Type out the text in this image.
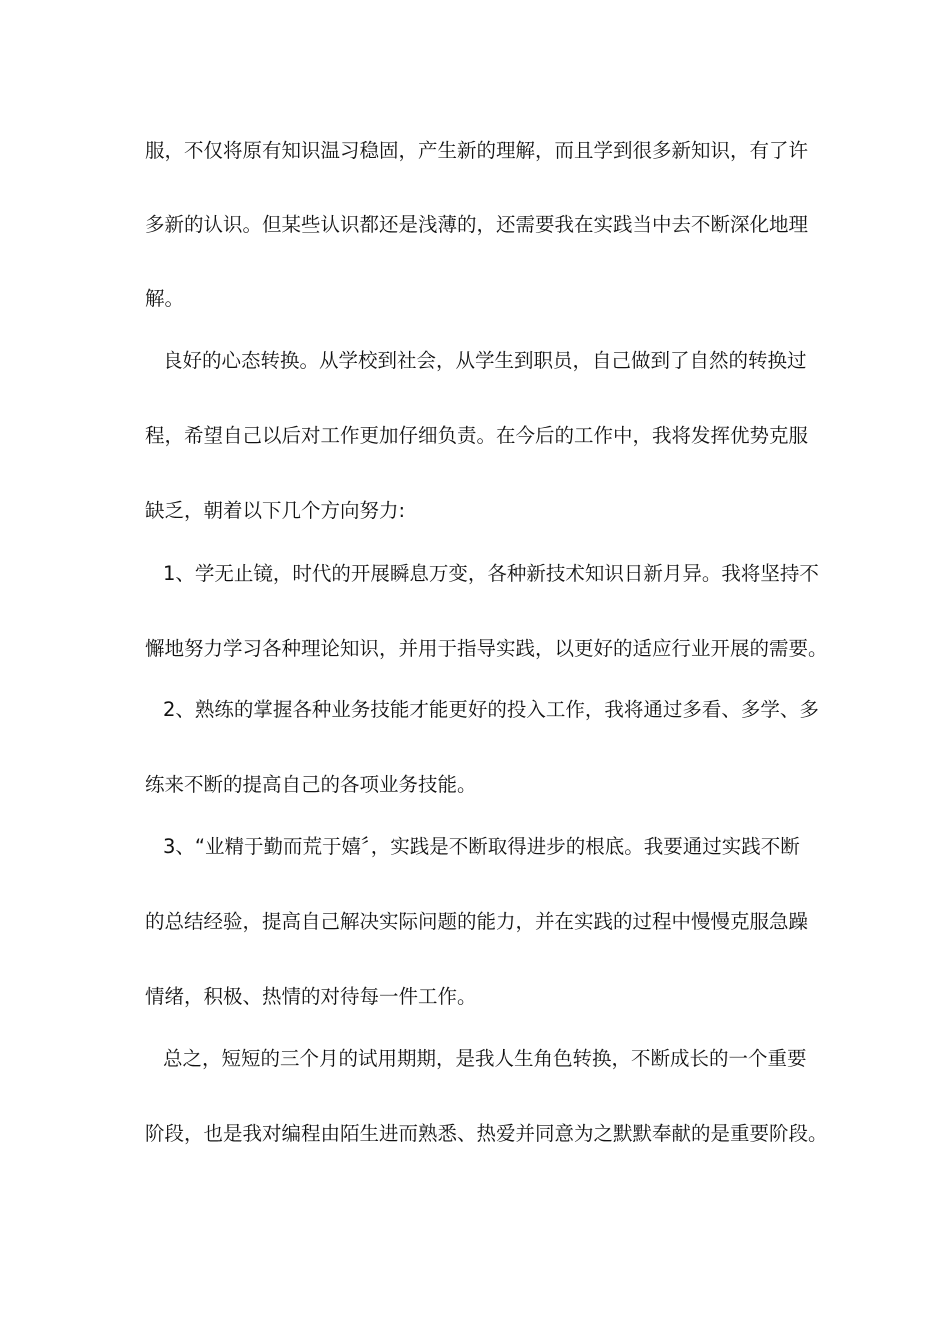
服，不仅将原有知识温习稳固，产生新的理解，而且学到很多新知识，有了许
多新的认识。但某些认识都还是浅薄的，还需要我在实践当中去不断深化地理
解。
良好的心态转换。从学校到社会，从学生到职员，自己做到了自然的转换过
程，希望自己以后对工作更加仔细负责。在今后的工作中，我将发挥优势克服
缺乏，朝着以下几个方向努力:
1、学无止镜，时代的开展瞬息万变，各种新技术知识日新月异。我将坚持不
懈地努力学习各种理论知识，并用于指导实践，以更好的适应行业开展的需要。
2、熟练的掌握各种业务技能才能更好的投入工作，我将通过多看、多学、多
练来不断的提高自己的各项业务技能。
3、“业精于勤而荒于嬉〞，实践是不断取得进步的根底。我要通过实践不断
的总结经验，提高自己解决实际问题的能力，并在实践的过程中慢慢克服急躁
情绪，积极、热情的对待每一件工作。
总之，短短的三个月的试用期期，是我人生角色转换，不断成长的一个重要
阶段，也是我对编程由陌生进而熟悉、热爱并同意为之默默奉献的是重要阶段。
